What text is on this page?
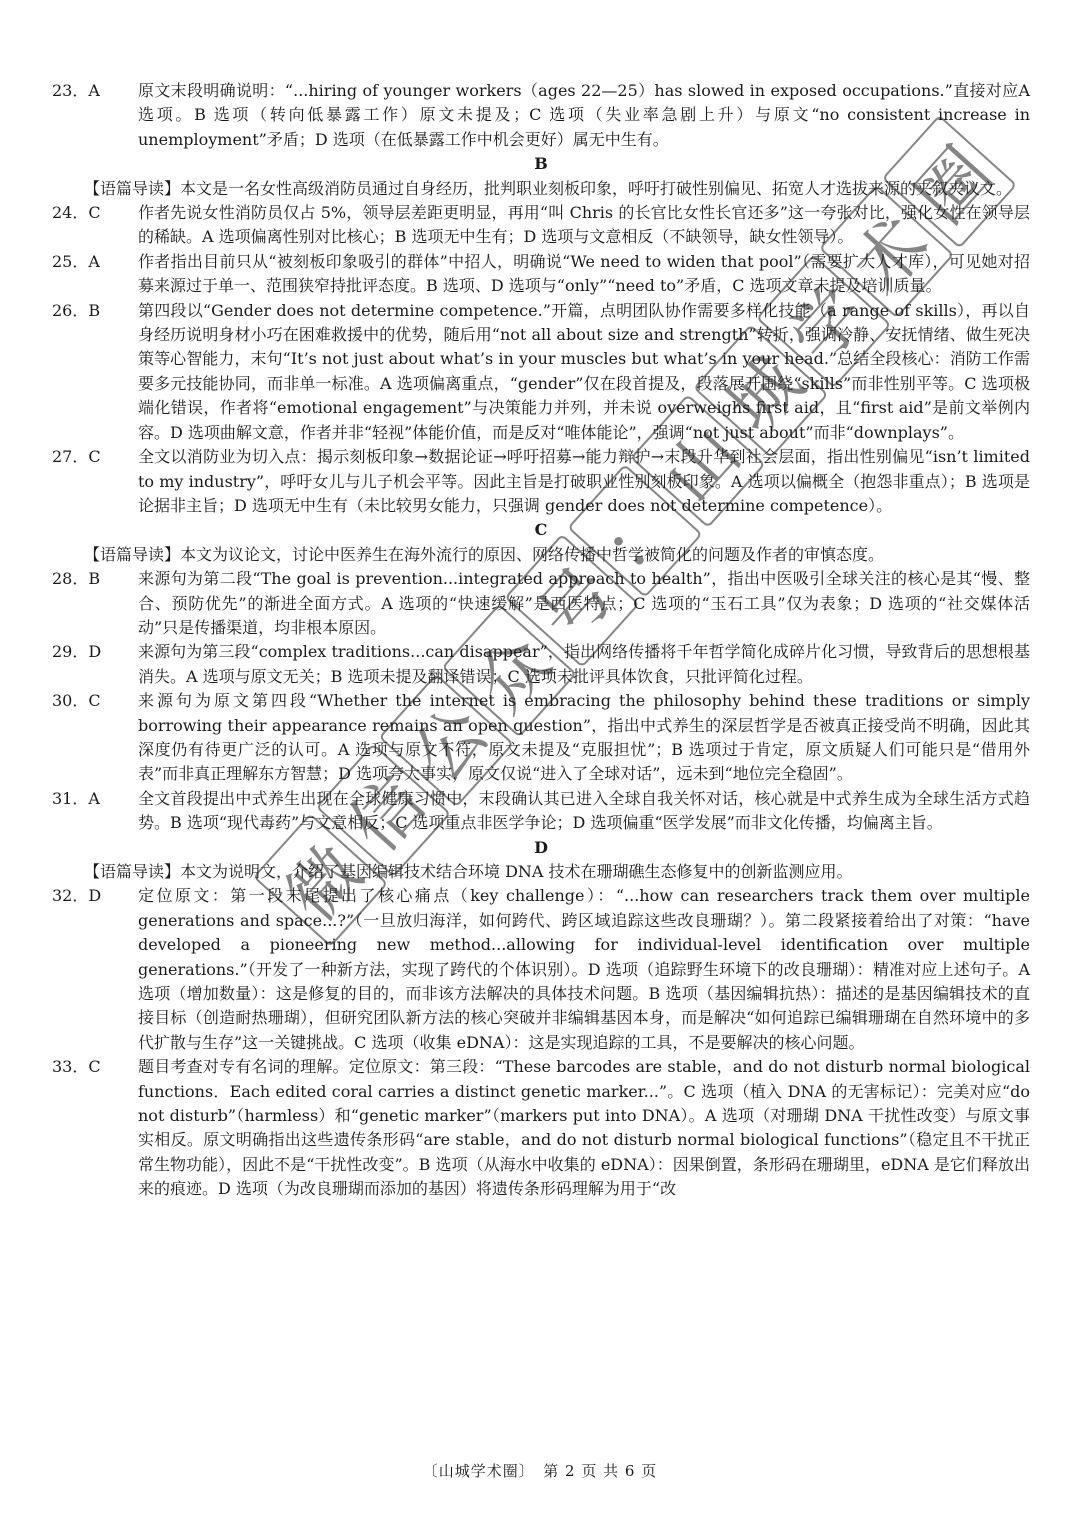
23．A	原文末段明确说明：“...hiring of younger workers（ages 22—25）has slowed in exposed occupations.”直接对应A 选项。B 选项（转向低暴露工作）原文未提及；C 选项（失业率急剧上升）与原文“no consistent increase in unemployment”矛盾；D 选项（在低暴露工作中机会更好）属无中生有。
B
【语篇导读】本文是一名女性高级消防员通过自身经历，批判职业刻板印象，呼吁打破性别偏见、拓宽人才选拔来源的夹叙夹议文。
24．C	作者先说女性消防员仅占 5%，领导层差距更明显，再用“叫 Chris 的长官比女性长官还多”这一夸张对比，强化女性在领导层的稀缺。A 选项偏离性别对比核心；B 选项无中生有；D 选项与文意相反（不缺领导，缺女性领导）。
25．A	作者指出目前只从“被刻板印象吸引的群体”中招人，明确说“We need to widen that pool”（需要扩大人才库），可见她对招募来源过于单一、范围狭窄持批评态度。B 选项、D 选项与“only”“need to”矛盾，C 选项文章未提及培训质量。
26．B	第四段以“Gender does not determine competence.”开篇，点明团队协作需要多样化技能（a range of skills），再以自身经历说明身材小巧在困难救援中的优势，随后用“not all about size and strength”转折，强调冷静、安抚情绪、做生死决策等心智能力，末句“It’s not just about what’s in your muscles but what’s in your head.”总结全段核心：消防工作需要多元技能协同，而非单一标准。A 选项偏离重点，“gender”仅在段首提及，段落展开围绕“skills”而非性别平等。C 选项极端化错误，作者将“emotional engagement”与决策能力并列，并未说 overweighs first aid，且“first aid”是前文举例内容。D 选项曲解文意，作者并非“轻视”体能价值，而是反对“唯体能论”，强调“not just about”而非“downplays”。
27．C	全文以消防业为切入点：揭示刻板印象→数据论证→呼吁招募→能力辩护→末段升华到社会层面，指出性别偏见“isn’t limited to my industry”，呼吁女儿与儿子机会平等。因此主旨是打破职业性别刻板印象。A 选项以偏概全（抱怨非重点）；B 选项是论据非主旨；D 选项无中生有（未比较男女能力，只强调 gender does not determine competence）。
C
【语篇导读】本文为议论文，讨论中医养生在海外流行的原因、网络传播中哲学被简化的问题及作者的审慎态度。
28．B	来源句为第二段“The goal is prevention...integrated approach to health”，指出中医吸引全球关注的核心是其“慢、整合、预防优先”的渐进全面方式。A 选项的“快速缓解”是西医特点；C 选项的“玉石工具”仅为表象；D 选项的“社交媒体活动”只是传播渠道，均非根本原因。
29．D	来源句为第三段“complex traditions...can disappear”，指出网络传播将千年哲学简化成碎片化习惯，导致背后的思想根基消失。A 选项与原文无关；B 选项未提及翻译错误；C 选项未批评具体饮食，只批评简化过程。
30．C	来源句为原文第四段“Whether the internet is embracing the philosophy behind these traditions or simply borrowing their appearance remains an open question”，指出中式养生的深层哲学是否被真正接受尚不明确，因此其深度仍有待更广泛的认可。A 选项与原文不符，原文未提及“克服担忧”；B 选项过于肯定，原文质疑人们可能只是“借用外表”而非真正理解东方智慧；D 选项夸大事实，原文仅说“进入了全球对话”，远未到“地位完全稳固”。
31．A	全文首段提出中式养生出现在全球健康习惯中，末段确认其已进入全球自我关怀对话，核心就是中式养生成为全球生活方式趋势。B 选项“现代毒药”与文意相反；C 选项重点非医学争论；D 选项偏重“医学发展”而非文化传播，均偏离主旨。
D
【语篇导读】本文为说明文，介绍了基因编辑技术结合环境 DNA 技术在珊瑚礁生态修复中的创新监测应用。
32．D	定位原文：第一段末尾提出了核心痛点（key challenge）：“...how can researchers track them over multiple generations and space...?”（一旦放归海洋，如何跨代、跨区域追踪这些改良珊瑚？）。第二段紧接着给出了对策：“have developed a pioneering new method...allowing for individual-level identification over multiple generations.”（开发了一种新方法，实现了跨代的个体识别）。D 选项（追踪野生环境下的改良珊瑚）：精准对应上述句子。A 选项（增加数量）：这是修复的目的，而非该方法解决的具体技术问题。B 选项（基因编辑抗热）：描述的是基因编辑技术的直接目标（创造耐热珊瑚），但研究团队新方法的核心突破并非编辑基因本身，而是解决“如何追踪已编辑珊瑚在自然环境中的多代扩散与生存”这一关键挑战。C 选项（收集 eDNA）：这是实现追踪的工具，不是要解决的核心问题。
33．C	题目考查对专有名词的理解。定位原文：第三段：“These barcodes are stable，and do not disturb normal biological functions．Each edited coral carries a distinct genetic marker...”。C 选项（植入 DNA 的无害标记）：完美对应“do not disturb”（harmless）和“genetic marker”（markers put into DNA）。A 选项（对珊瑚 DNA 干扰性改变）与原文事实相反。原文明确指出这些遗传条形码“are stable，and do not disturb normal biological functions”（稳定且不干扰正常生物功能），因此不是“干扰性改变”。B 选项（从海水中收集的 eDNA）：因果倒置，条形码在珊瑚里，eDNA 是它们释放出来的痕迹。D 选项（为改良珊瑚而添加的基因）将遗传条形码理解为用于“改
微信公众号：山城学术圈
〔山城学术圈〕　第 2 页 共 6 页
